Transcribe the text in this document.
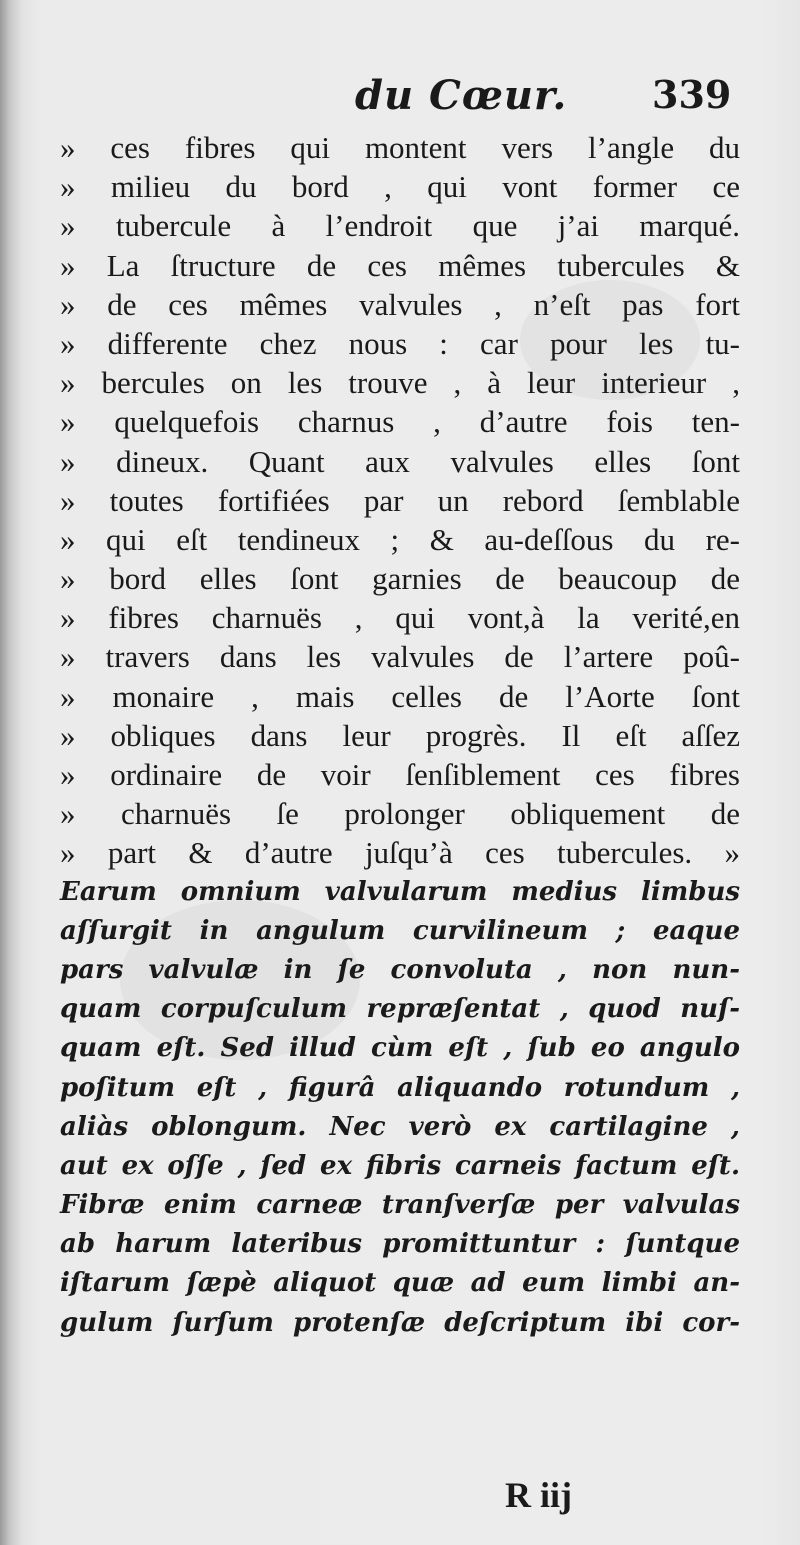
du Cœur. 339
» ces fibres qui montent vers l’angle du
» milieu du bord , qui vont former ce
» tubercule à l’endroit que j’ai marqué.
» La ſtructure de ces mêmes tubercules &
» de ces mêmes valvules , n’eſt pas fort
» differente chez nous : car pour les tu-
» bercules on les trouve , à leur interieur ,
» quelquefois charnus , d’autre fois ten-
» dineux. Quant aux valvules elles ſont
» toutes fortifiées par un rebord ſemblable
» qui eſt tendineux ; & au-deſſous du re-
» bord elles ſont garnies de beaucoup de
» fibres charnuës , qui vont,à la verité,en
» travers dans les valvules de l’artere poû-
» monaire , mais celles de l’Aorte ſont
» obliques dans leur progrès. Il eſt aſſez
» ordinaire de voir ſenſiblement ces fibres
» charnuës ſe prolonger obliquement de
» part & d’autre juſqu’à ces tubercules. »
Earum omnium valvularum medius limbus
aſſurgit in angulum curvilineum ; eaque
pars valvulæ in ſe convoluta , non nun-
quam corpuſculum repræſentat , quod nuſ-
quam eſt. Sed illud cùm eſt , ſub eo angulo
poſitum eſt , figurâ aliquando rotundum ,
aliàs oblongum. Nec verò ex cartilagine ,
aut ex oſſe , ſed ex fibris carneis factum eſt.
Fibræ enim carneæ tranſverſæ per valvulas
ab harum lateribus promittuntur : ſuntque
iſtarum ſæpè aliquot quæ ad eum limbi an-
gulum ſurſum protenſæ deſcriptum ibi cor-
R iij
